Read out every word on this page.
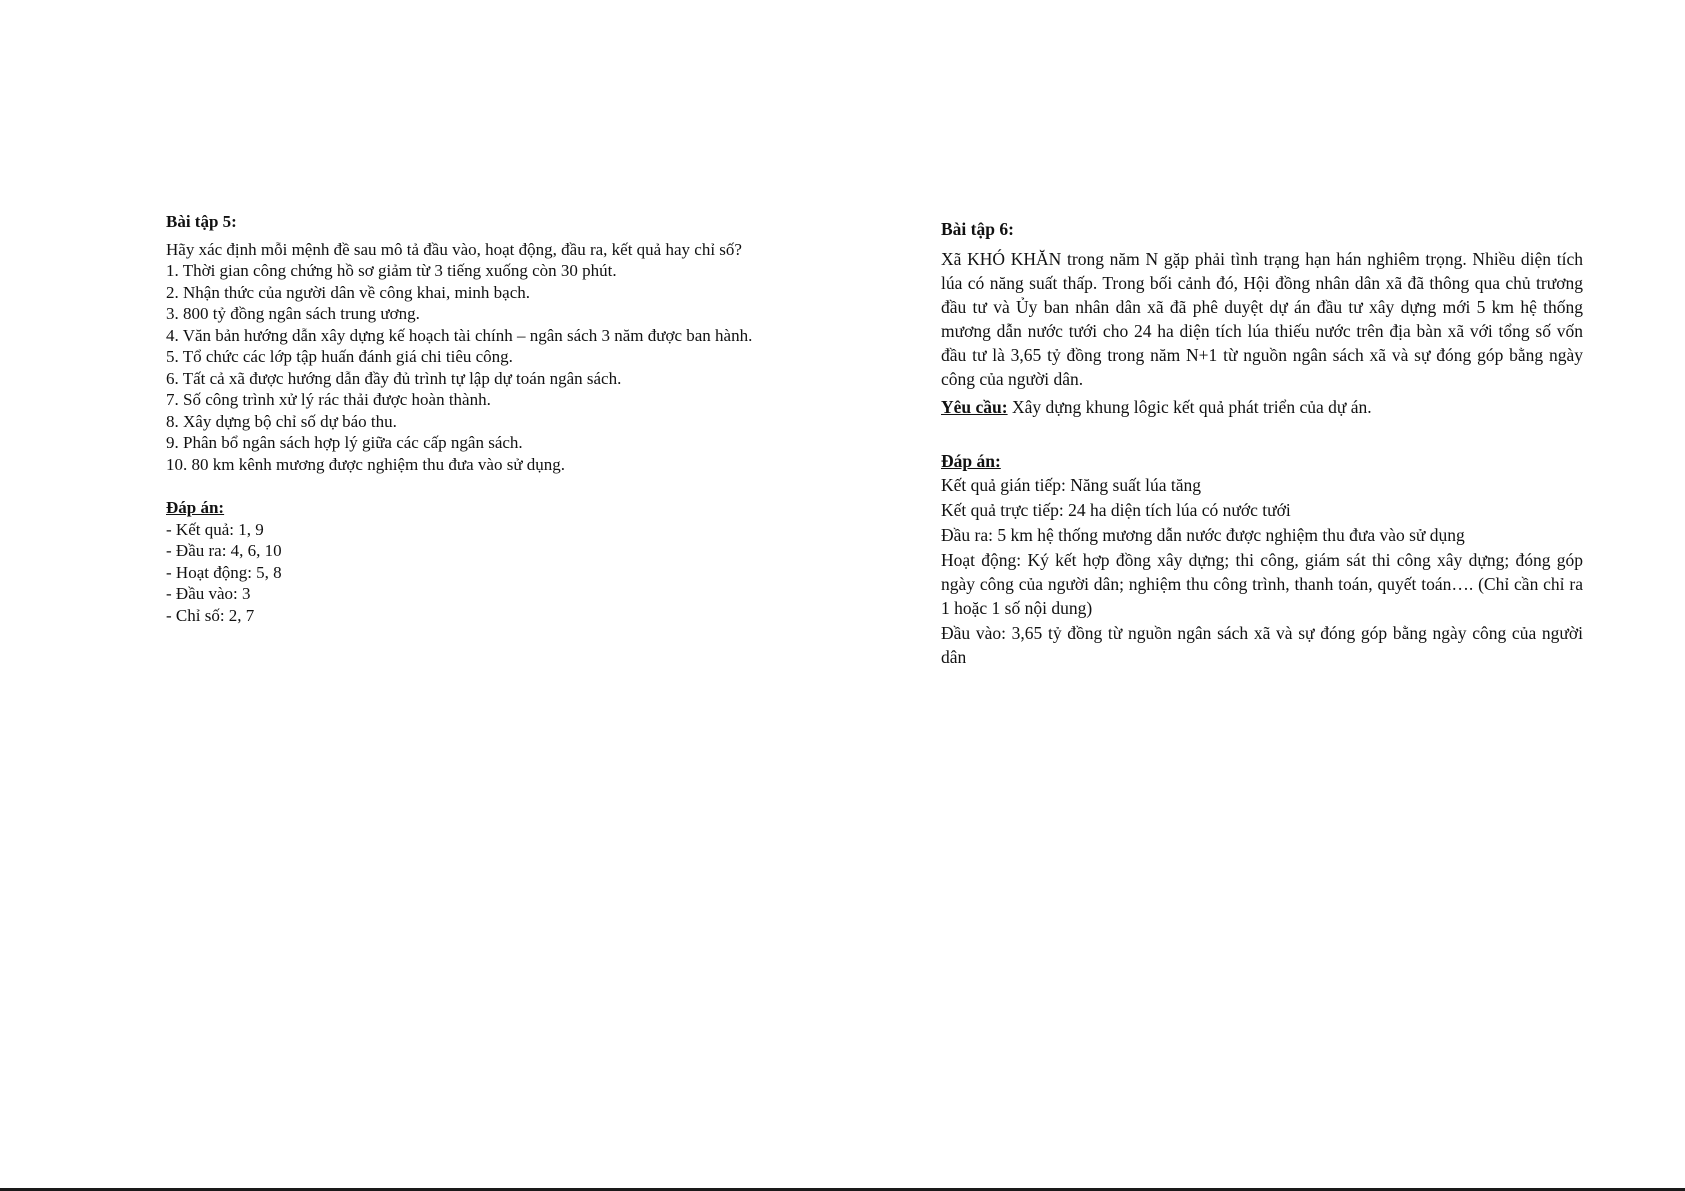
Bài tập 5:

Hãy xác định mỗi mệnh đề sau mô tả đầu vào, hoạt động, đầu ra, kết quả hay chỉ số?

1. Thời gian công chứng hồ sơ giảm từ 3 tiếng xuống còn 30 phút.

2. Nhận thức của người dân về công khai, minh bạch.

3. 800 tỷ đồng ngân sách trung ương.

4. Văn bản hướng dẫn xây dựng kế hoạch tài chính – ngân sách 3 năm được ban hành.

5. Tổ chức các lớp tập huấn đánh giá chi tiêu công.

6. Tất cả xã được hướng dẫn đầy đủ trình tự lập dự toán ngân sách.

7. Số công trình xử lý rác thải được hoàn thành.

8. Xây dựng bộ chỉ số dự báo thu.

9. Phân bổ ngân sách hợp lý giữa các cấp ngân sách.

10. 80 km kênh mương được nghiệm thu đưa vào sử dụng.

Đáp án:

- Kết quả: 1, 9

- Đầu ra: 4, 6, 10

- Hoạt động: 5, 8

- Đầu vào: 3

- Chỉ số: 2, 7

Bài tập 6:

Xã KHÓ KHĂN trong năm N gặp phải tình trạng hạn hán nghiêm trọng. Nhiều diện tích lúa có năng suất thấp. Trong bối cảnh đó, Hội đồng nhân dân xã đã thông qua chủ trương đầu tư và Ủy ban nhân dân xã đã phê duyệt dự án đầu tư xây dựng mới 5 km hệ thống mương dẫn nước tưới cho 24 ha diện tích lúa thiếu nước trên địa bàn xã với tổng số vốn đầu tư là 3,65 tỷ đồng trong năm N+1 từ nguồn ngân sách xã và sự đóng góp bằng ngày công của người dân.

Yêu cầu: Xây dựng khung lôgic kết quả phát triển của dự án.

Đáp án:

Kết quả gián tiếp: Năng suất lúa tăng

Kết quả trực tiếp: 24 ha diện tích lúa có nước tưới

Đầu ra: 5 km hệ thống mương dẫn nước được nghiệm thu đưa vào sử dụng

Hoạt động: Ký kết hợp đồng xây dựng; thi công, giám sát thi công xây dựng; đóng góp ngày công của người dân; nghiệm thu công trình, thanh toán, quyết toán…. (Chỉ cần chỉ ra 1 hoặc 1 số nội dung)

Đầu vào: 3,65 tỷ đồng từ nguồn ngân sách xã và sự đóng góp bằng ngày công của người dân
